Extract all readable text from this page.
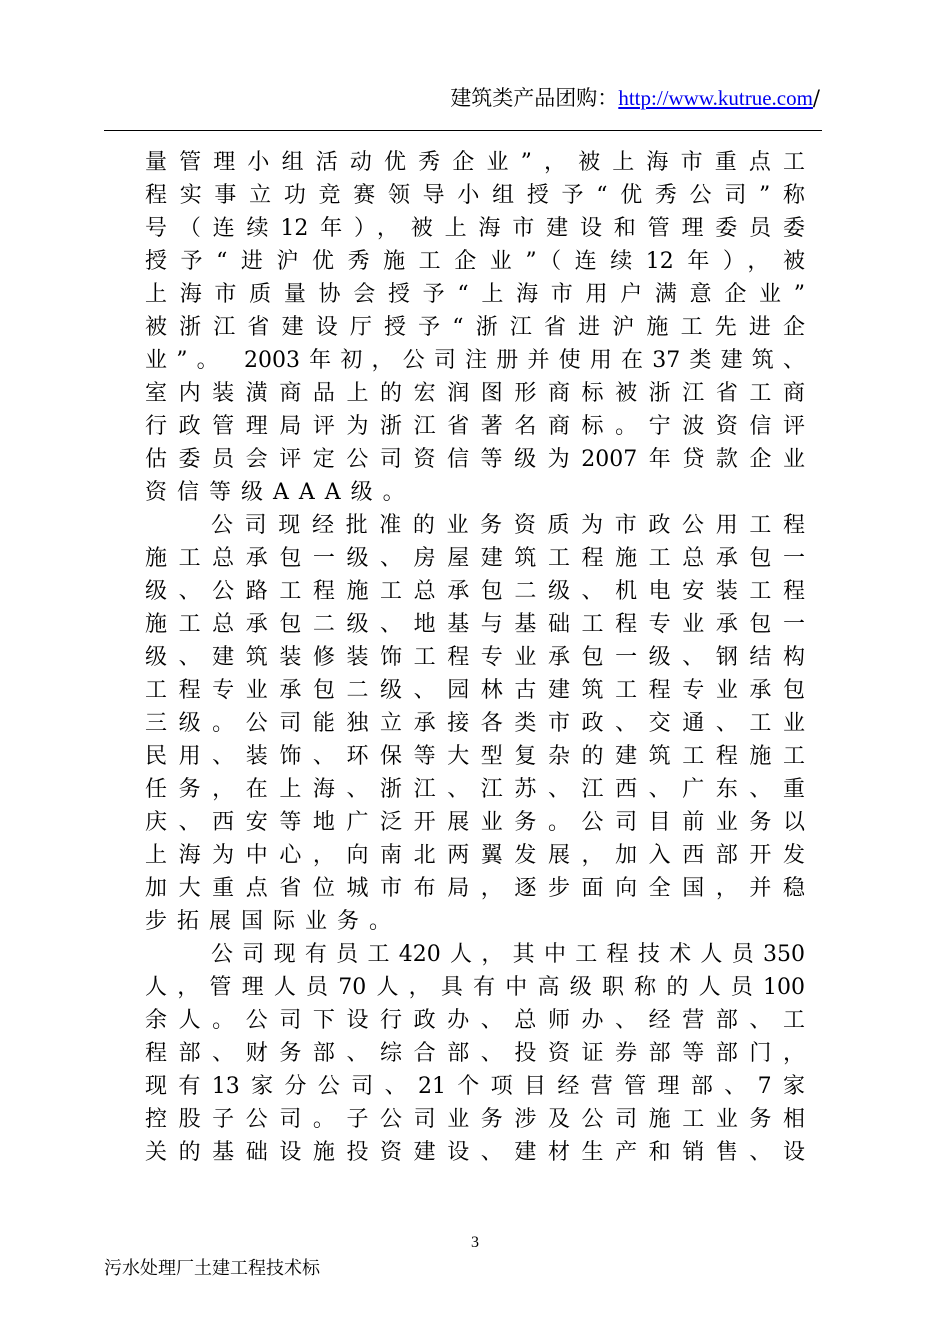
建筑类产品团购：http://www.kutrue.com/
量管理小组活动优秀企业”，被上海市重点工
程实事立功竞赛领导小组授予“优秀公司”称
号（连续12年），被上海市建设和管理委员委
授予“进沪优秀施工企业”（连续12年），被
上海市质量协会授予“上海市用户满意企业”
被浙江省建设厅授予“浙江省进沪施工先进企
业”。 2003年初，公司注册并使用在37类建筑、
室内装潢商品上的宏润图形商标被浙江省工商
行政管理局评为浙江省著名商标。宁波资信评
估委员会评定公司资信等级为2007年贷款企业
资信等级AAA级。
公司现经批准的业务资质为市政公用工程
施工总承包一级、房屋建筑工程施工总承包一
级、公路工程施工总承包二级、机电安装工程
施工总承包二级、地基与基础工程专业承包一
级、建筑装修装饰工程专业承包一级、钢结构
工程专业承包二级、园林古建筑工程专业承包
三级。公司能独立承接各类市政、交通、工业
民用、装饰、环保等大型复杂的建筑工程施工
任务，在上海、浙江、江苏、江西、广东、重
庆、西安等地广泛开展业务。公司目前业务以
上海为中心，向南北两翼发展，加入西部开发
加大重点省位城市布局，逐步面向全国，并稳
步拓展国际业务。
公司现有员工420人，其中工程技术人员350
人，管理人员70人，具有中高级职称的人员100
余人。公司下设行政办、总师办、经营部、工
程部、财务部、综合部、投资证券部等部门，
现有13家分公司、21个项目经营管理部、7家
控股子公司。子公司业务涉及公司施工业务相
关的基础设施投资建设、建材生产和销售、设
3
污水处理厂土建工程技术标
